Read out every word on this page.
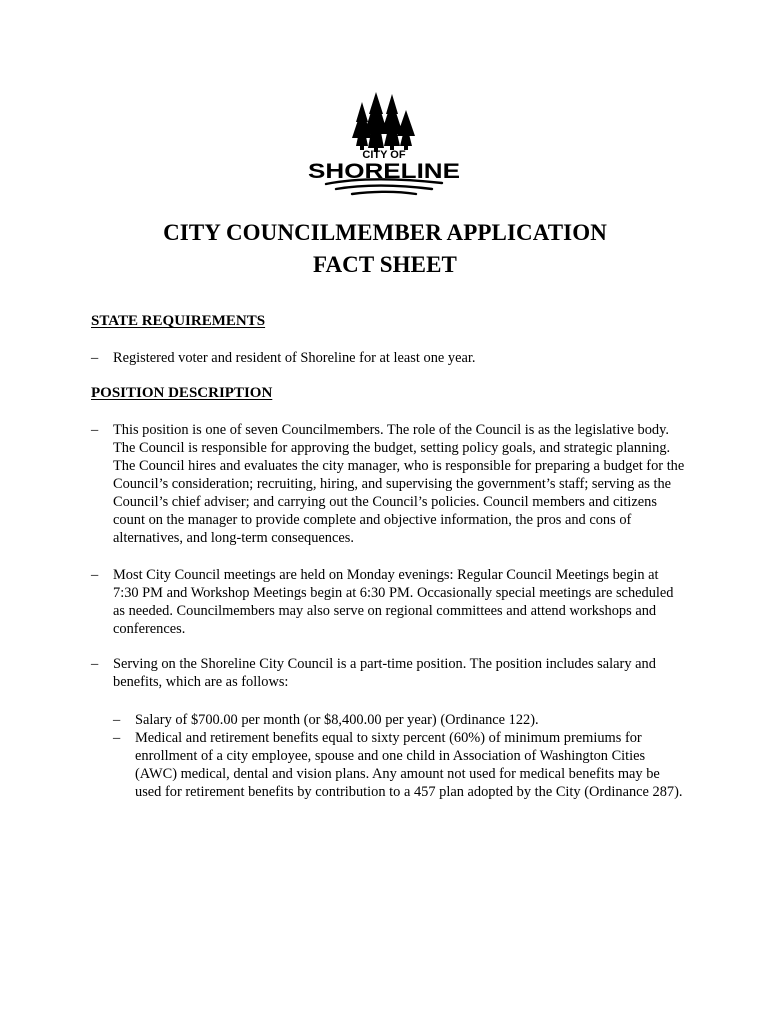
CITY OF
SHORELINE
CITY COUNCILMEMBER APPLICATION
FACT SHEET
STATE REQUIREMENTS
– Registered voter and resident of Shoreline for at least one year.
POSITION DESCRIPTION
– This position is one of seven Councilmembers. The role of the Council is as the legislative body. The Council is responsible for approving the budget, setting policy goals, and strategic planning. The Council hires and evaluates the city manager, who is responsible for preparing a budget for the Council’s consideration; recruiting, hiring, and supervising the government’s staff; serving as the Council’s chief adviser; and carrying out the Council’s policies. Council members and citizens count on the manager to provide complete and objective information, the pros and cons of alternatives, and long-term consequences.
– Most City Council meetings are held on Monday evenings: Regular Council Meetings begin at 7:30 PM and Workshop Meetings begin at 6:30 PM. Occasionally special meetings are scheduled as needed. Councilmembers may also serve on regional committees and attend workshops and conferences.
– Serving on the Shoreline City Council is a part-time position. The position includes salary and benefits, which are as follows:
– Salary of $700.00 per month (or $8,400.00 per year) (Ordinance 122).
– Medical and retirement benefits equal to sixty percent (60%) of minimum premiums for enrollment of a city employee, spouse and one child in Association of Washington Cities (AWC) medical, dental and vision plans. Any amount not used for medical benefits may be used for retirement benefits by contribution to a 457 plan adopted by the City (Ordinance 287).
